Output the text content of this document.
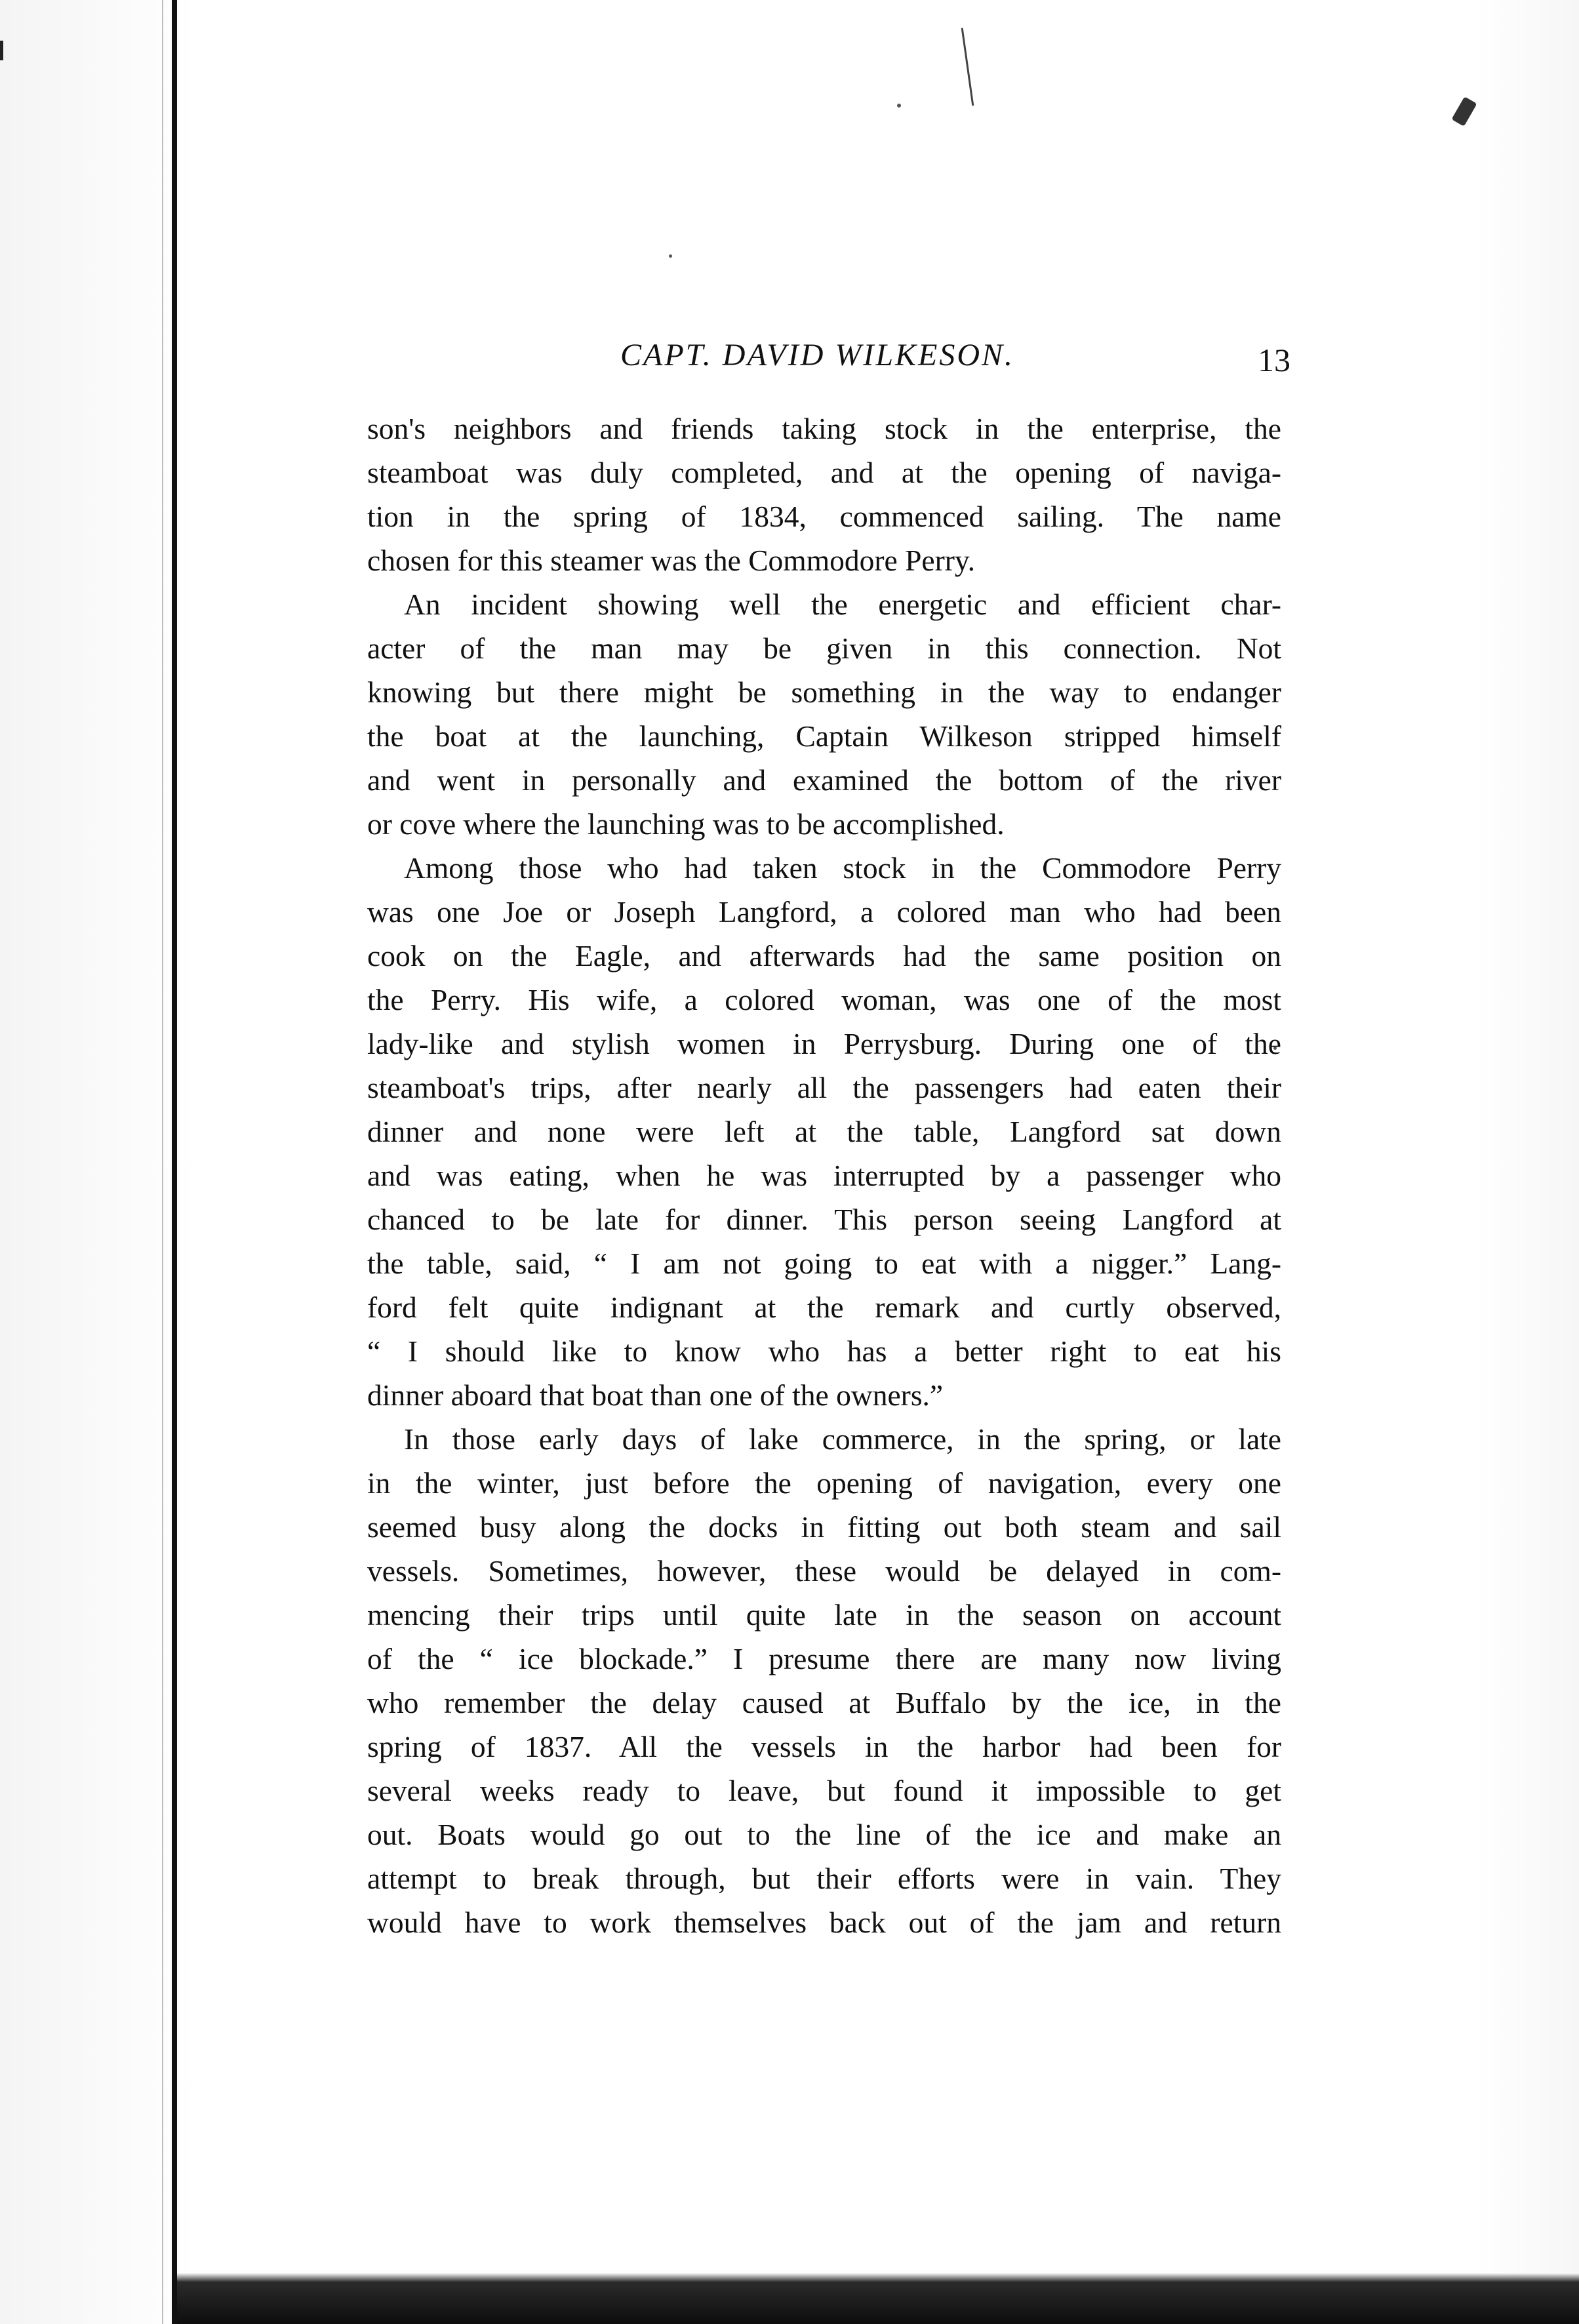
CAPT. DAVID WILKESON.	13
son's neighbors and friends taking stock in the enterprise, the
steamboat was duly completed, and at the opening of naviga-
tion in the spring of 1834, commenced sailing. The name
chosen for this steamer was the Commodore Perry.
An incident showing well the energetic and efficient char-
acter of the man may be given in this connection. Not
knowing but there might be something in the way to endanger
the boat at the launching, Captain Wilkeson stripped himself
and went in personally and examined the bottom of the river
or cove where the launching was to be accomplished.
Among those who had taken stock in the Commodore Perry
was one Joe or Joseph Langford, a colored man who had been
cook on the Eagle, and afterwards had the same position on
the Perry. His wife, a colored woman, was one of the most
lady-like and stylish women in Perrysburg. During one of the
steamboat's trips, after nearly all the passengers had eaten their
dinner and none were left at the table, Langford sat down
and was eating, when he was interrupted by a passenger who
chanced to be late for dinner. This person seeing Langford at
the table, said, “ I am not going to eat with a nigger.” Lang-
ford felt quite indignant at the remark and curtly observed,
“ I should like to know who has a better right to eat his
dinner aboard that boat than one of the owners.”
In those early days of lake commerce, in the spring, or late
in the winter, just before the opening of navigation, every one
seemed busy along the docks in fitting out both steam and sail
vessels. Sometimes, however, these would be delayed in com-
mencing their trips until quite late in the season on account
of the “ ice blockade.” I presume there are many now living
who remember the delay caused at Buffalo by the ice, in the
spring of 1837. All the vessels in the harbor had been for
several weeks ready to leave, but found it impossible to get
out. Boats would go out to the line of the ice and make an
attempt to break through, but their efforts were in vain. They
would have to work themselves back out of the jam and return
